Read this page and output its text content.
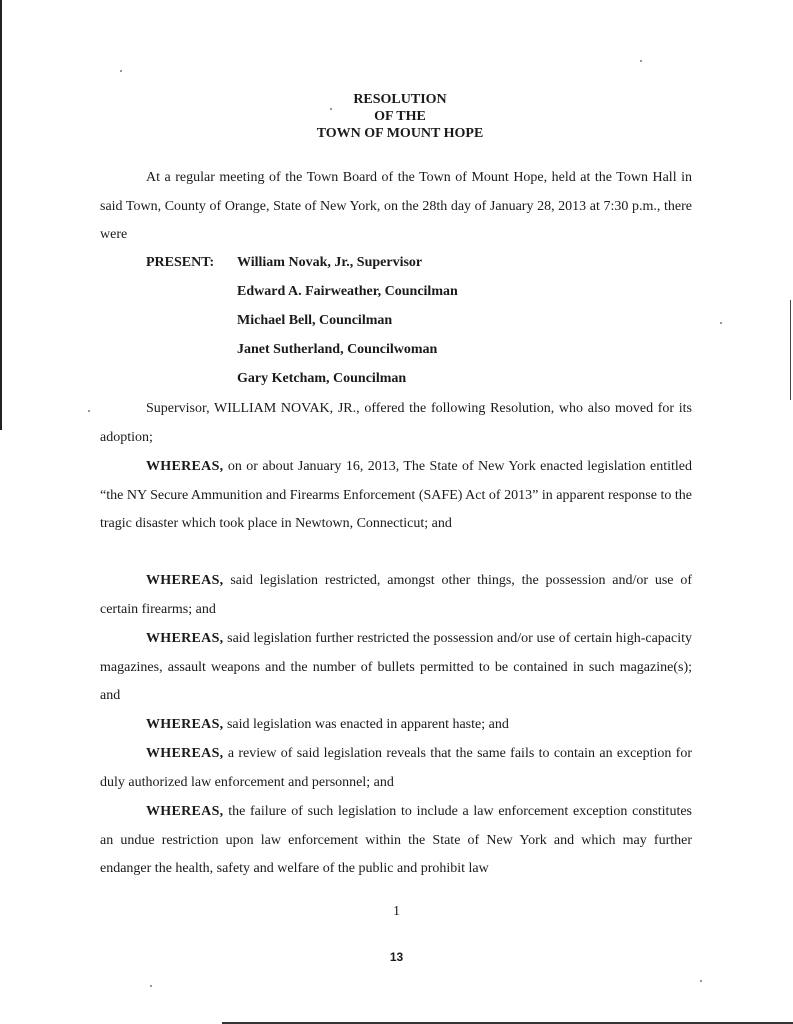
RESOLUTION
OF THE
TOWN OF MOUNT HOPE
At a regular meeting of the Town Board of the Town of Mount Hope, held at the Town Hall in said Town, County of Orange, State of New York, on the 28th day of January 28, 2013 at 7:30 p.m., there were
PRESENT: William Novak, Jr., Supervisor
Edward A. Fairweather, Councilman
Michael Bell, Councilman
Janet Sutherland, Councilwoman
Gary Ketcham, Councilman
Supervisor, WILLIAM NOVAK, JR., offered the following Resolution, who also moved for its adoption;
WHEREAS, on or about January 16, 2013, The State of New York enacted legislation entitled “the NY Secure Ammunition and Firearms Enforcement (SAFE) Act of 2013” in apparent response to the tragic disaster which took place in Newtown, Connecticut; and
WHEREAS, said legislation restricted, amongst other things, the possession and/or use of certain firearms; and
WHEREAS, said legislation further restricted the possession and/or use of certain high-capacity magazines, assault weapons and the number of bullets permitted to be contained in such magazine(s); and
WHEREAS, said legislation was enacted in apparent haste; and
WHEREAS, a review of said legislation reveals that the same fails to contain an exception for duly authorized law enforcement and personnel; and
WHEREAS, the failure of such legislation to include a law enforcement exception constitutes an undue restriction upon law enforcement within the State of New York and which may further endanger the health, safety and welfare of the public and prohibit law
1
13
